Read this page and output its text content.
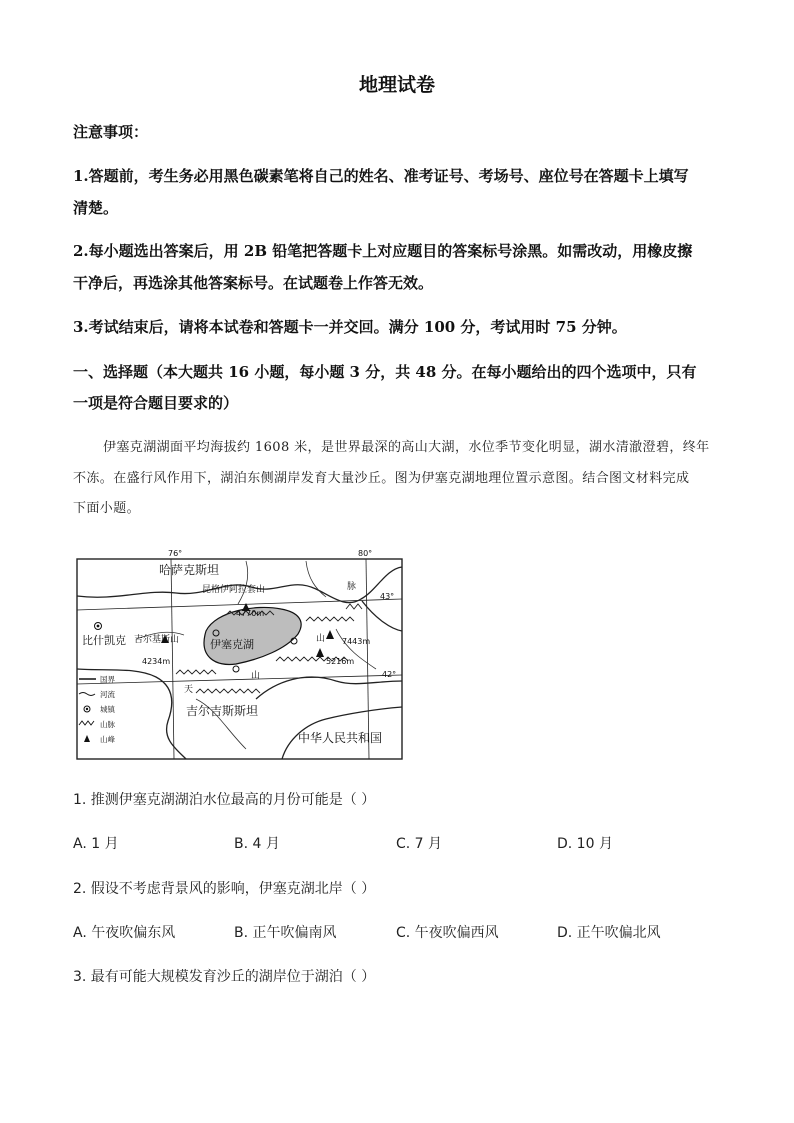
地理试卷
注意事项：
1.答题前，考生务必用黑色碳素笔将自己的姓名、准考证号、考场号、座位号在答题卡上填写
清楚。
2.每小题选出答案后，用 2B 铅笔把答题卡上对应题目的答案标号涂黑。如需改动，用橡皮擦
干净后，再选涂其他答案标号。在试题卷上作答无效。
3.考试结束后，请将本试卷和答题卡一并交回。满分 100 分，考试用时 75 分钟。
一、选择题（本大题共 16 小题，每小题 3 分，共 48 分。在每小题给出的四个选项中，只有
一项是符合题目要求的）
伊塞克湖湖面平均海拔约 1608 米，是世界最深的高山大湖，水位季节变化明显，湖水清澈澄碧，终年
不冻。在盛行风作用下，湖泊东侧湖岸发育大量沙丘。图为伊塞克湖地理位置示意图。结合图文材料完成
下面小题。
76°	80°
43°
42°
哈萨克斯坦
昆格伊阿拉套山
4770m
比什凯克 吉尔基斯山
4234m
伊塞克湖
脉
山
山
天
7443m
5216m
吉尔吉斯斯坦
中华人民共和国
国界
河流
城镇
山脉
山峰
1. 推测伊塞克湖湖泊水位最高的月份可能是（ ）
A. 1 月	B. 4 月	C. 7 月	D. 10 月
2. 假设不考虑背景风的影响，伊塞克湖北岸（ ）
A. 午夜吹偏东风	B. 正午吹偏南风	C. 午夜吹偏西风	D. 正午吹偏北风
3. 最有可能大规模发育沙丘的湖岸位于湖泊（ ）
